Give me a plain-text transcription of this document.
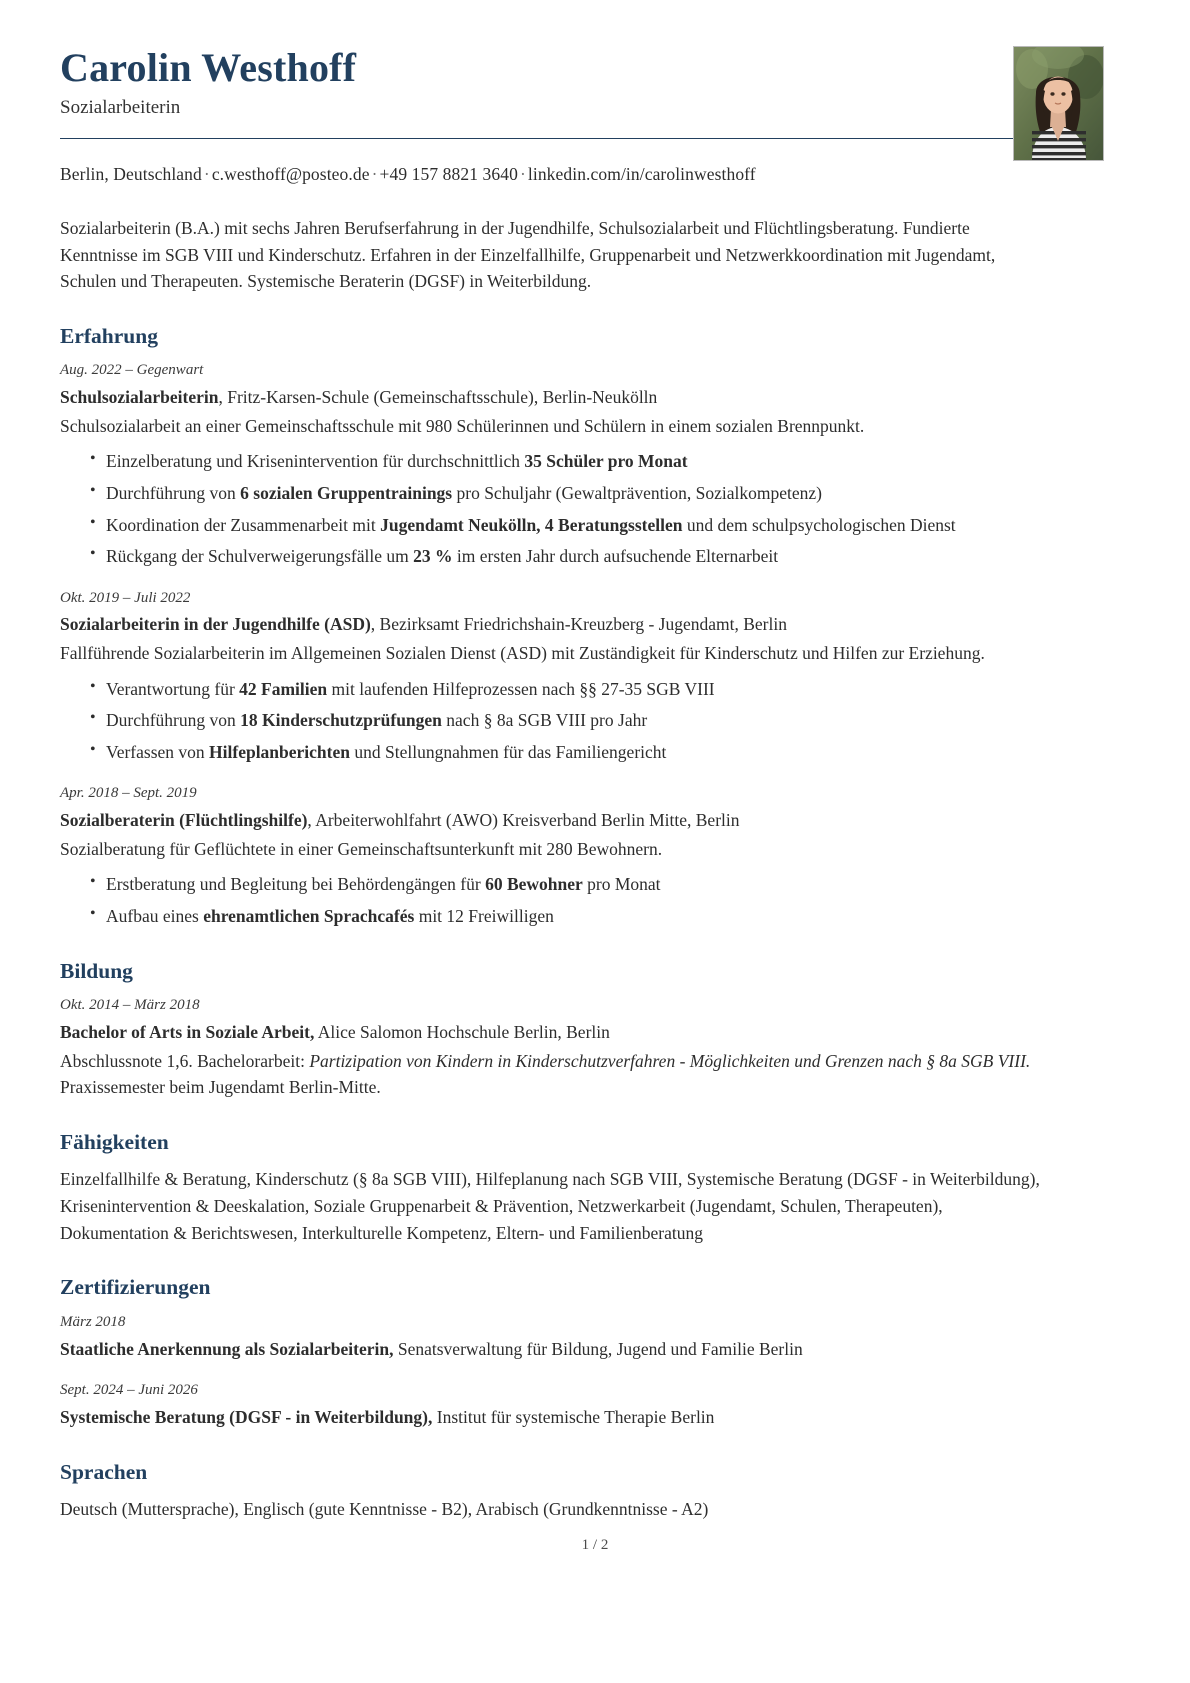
Carolin Westhoff
Sozialarbeiterin
Berlin, Deutschland · c.westhoff@posteo.de · +49 157 8821 3640 · linkedin.com/in/carolinwesthoff
Sozialarbeiterin (B.A.) mit sechs Jahren Berufserfahrung in der Jugendhilfe, Schulsozialarbeit und Flüchtlingsberatung. Fundierte Kenntnisse im SGB VIII und Kinderschutz. Erfahren in der Einzelfallhilfe, Gruppenarbeit und Netzwerkkoordination mit Jugendamt, Schulen und Therapeuten. Systemische Beraterin (DGSF) in Weiterbildung.
Erfahrung
Aug. 2022 – Gegenwart
Schulsozialarbeiterin, Fritz-Karsen-Schule (Gemeinschaftsschule), Berlin-Neukölln
Schulsozialarbeit an einer Gemeinschaftsschule mit 980 Schülerinnen und Schülern in einem sozialen Brennpunkt.
• Einzelberatung und Krisenintervention für durchschnittlich 35 Schüler pro Monat
• Durchführung von 6 sozialen Gruppentrainings pro Schuljahr (Gewaltprävention, Sozialkompetenz)
• Koordination der Zusammenarbeit mit Jugendamt Neukölln, 4 Beratungsstellen und dem schulpsychologischen Dienst
• Rückgang der Schulverweigerungsfälle um 23 % im ersten Jahr durch aufsuchende Elternarbeit
Okt. 2019 – Juli 2022
Sozialarbeiterin in der Jugendhilfe (ASD), Bezirksamt Friedrichshain-Kreuzberg - Jugendamt, Berlin
Fallführende Sozialarbeiterin im Allgemeinen Sozialen Dienst (ASD) mit Zuständigkeit für Kinderschutz und Hilfen zur Erziehung.
• Verantwortung für 42 Familien mit laufenden Hilfeprozessen nach §§ 27-35 SGB VIII
• Durchführung von 18 Kinderschutzprüfungen nach § 8a SGB VIII pro Jahr
• Verfassen von Hilfeplanberichten und Stellungnahmen für das Familiengericht
Apr. 2018 – Sept. 2019
Sozialberaterin (Flüchtlingshilfe), Arbeiterwohlfahrt (AWO) Kreisverband Berlin Mitte, Berlin
Sozialberatung für Geflüchtete in einer Gemeinschaftsunterkunft mit 280 Bewohnern.
• Erstberatung und Begleitung bei Behördengängen für 60 Bewohner pro Monat
• Aufbau eines ehrenamtlichen Sprachcafés mit 12 Freiwilligen
Bildung
Okt. 2014 – März 2018
Bachelor of Arts in Soziale Arbeit, Alice Salomon Hochschule Berlin, Berlin
Abschlussnote 1,6. Bachelorarbeit: Partizipation von Kindern in Kinderschutzverfahren - Möglichkeiten und Grenzen nach § 8a SGB VIII. Praxissemester beim Jugendamt Berlin-Mitte.
Fähigkeiten
Einzelfallhilfe & Beratung, Kinderschutz (§ 8a SGB VIII), Hilfeplanung nach SGB VIII, Systemische Beratung (DGSF - in Weiterbildung), Krisenintervention & Deeskalation, Soziale Gruppenarbeit & Prävention, Netzwerkarbeit (Jugendamt, Schulen, Therapeuten), Dokumentation & Berichtswesen, Interkulturelle Kompetenz, Eltern- und Familienberatung
Zertifizierungen
März 2018
Staatliche Anerkennung als Sozialarbeiterin, Senatsverwaltung für Bildung, Jugend und Familie Berlin
Sept. 2024 – Juni 2026
Systemische Beratung (DGSF - in Weiterbildung), Institut für systemische Therapie Berlin
Sprachen
Deutsch (Muttersprache), Englisch (gute Kenntnisse - B2), Arabisch (Grundkenntnisse - A2)
1 / 2
